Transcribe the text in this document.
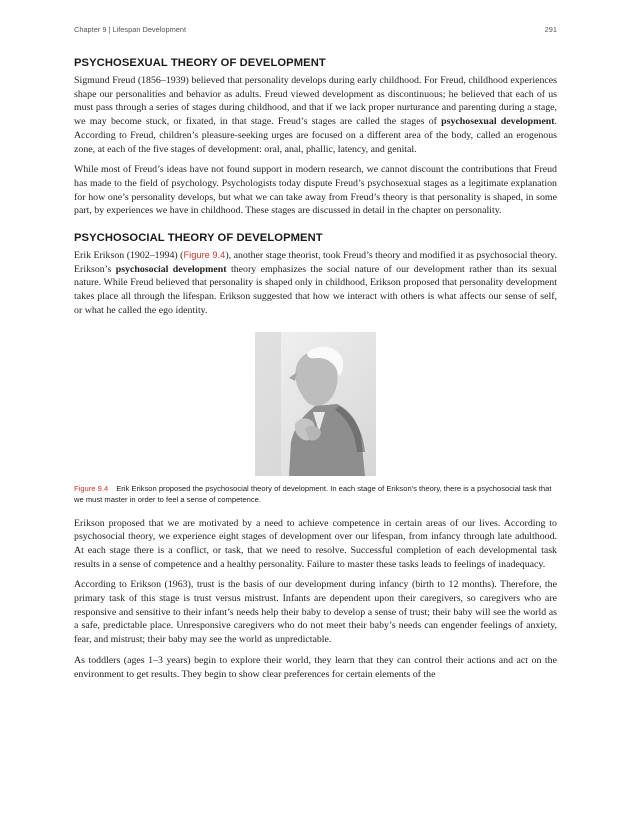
Chapter 9 | Lifespan Development	291
PSYCHOSEXUAL THEORY OF DEVELOPMENT

Sigmund Freud (1856–1939) believed that personality develops during early childhood. For Freud, childhood experiences shape our personalities and behavior as adults. Freud viewed development as discontinuous; he believed that each of us must pass through a series of stages during childhood, and that if we lack proper nurturance and parenting during a stage, we may become stuck, or fixated, in that stage. Freud’s stages are called the stages of psychosexual development. According to Freud, children’s pleasure-seeking urges are focused on a different area of the body, called an erogenous zone, at each of the five stages of development: oral, anal, phallic, latency, and genital.

While most of Freud’s ideas have not found support in modern research, we cannot discount the contributions that Freud has made to the field of psychology. Psychologists today dispute Freud’s psychosexual stages as a legitimate explanation for how one’s personality develops, but what we can take away from Freud’s theory is that personality is shaped, in some part, by experiences we have in childhood. These stages are discussed in detail in the chapter on personality.

PSYCHOSOCIAL THEORY OF DEVELOPMENT

Erik Erikson (1902–1994) (Figure 9.4), another stage theorist, took Freud’s theory and modified it as psychosocial theory. Erikson’s psychosocial development theory emphasizes the social nature of our development rather than its sexual nature. While Freud believed that personality is shaped only in childhood, Erikson proposed that personality development takes place all through the lifespan. Erikson suggested that how we interact with others is what affects our sense of self, or what he called the ego identity.

Figure 9.4 Erik Erikson proposed the psychosocial theory of development. In each stage of Erikson's theory, there is a psychosocial task that we must master in order to feel a sense of competence.

Erikson proposed that we are motivated by a need to achieve competence in certain areas of our lives. According to psychosocial theory, we experience eight stages of development over our lifespan, from infancy through late adulthood. At each stage there is a conflict, or task, that we need to resolve. Successful completion of each developmental task results in a sense of competence and a healthy personality. Failure to master these tasks leads to feelings of inadequacy.

According to Erikson (1963), trust is the basis of our development during infancy (birth to 12 months). Therefore, the primary task of this stage is trust versus mistrust. Infants are dependent upon their caregivers, so caregivers who are responsive and sensitive to their infant’s needs help their baby to develop a sense of trust; their baby will see the world as a safe, predictable place. Unresponsive caregivers who do not meet their baby’s needs can engender feelings of anxiety, fear, and mistrust; their baby may see the world as unpredictable.

As toddlers (ages 1–3 years) begin to explore their world, they learn that they can control their actions and act on the environment to get results. They begin to show clear preferences for certain elements of the
